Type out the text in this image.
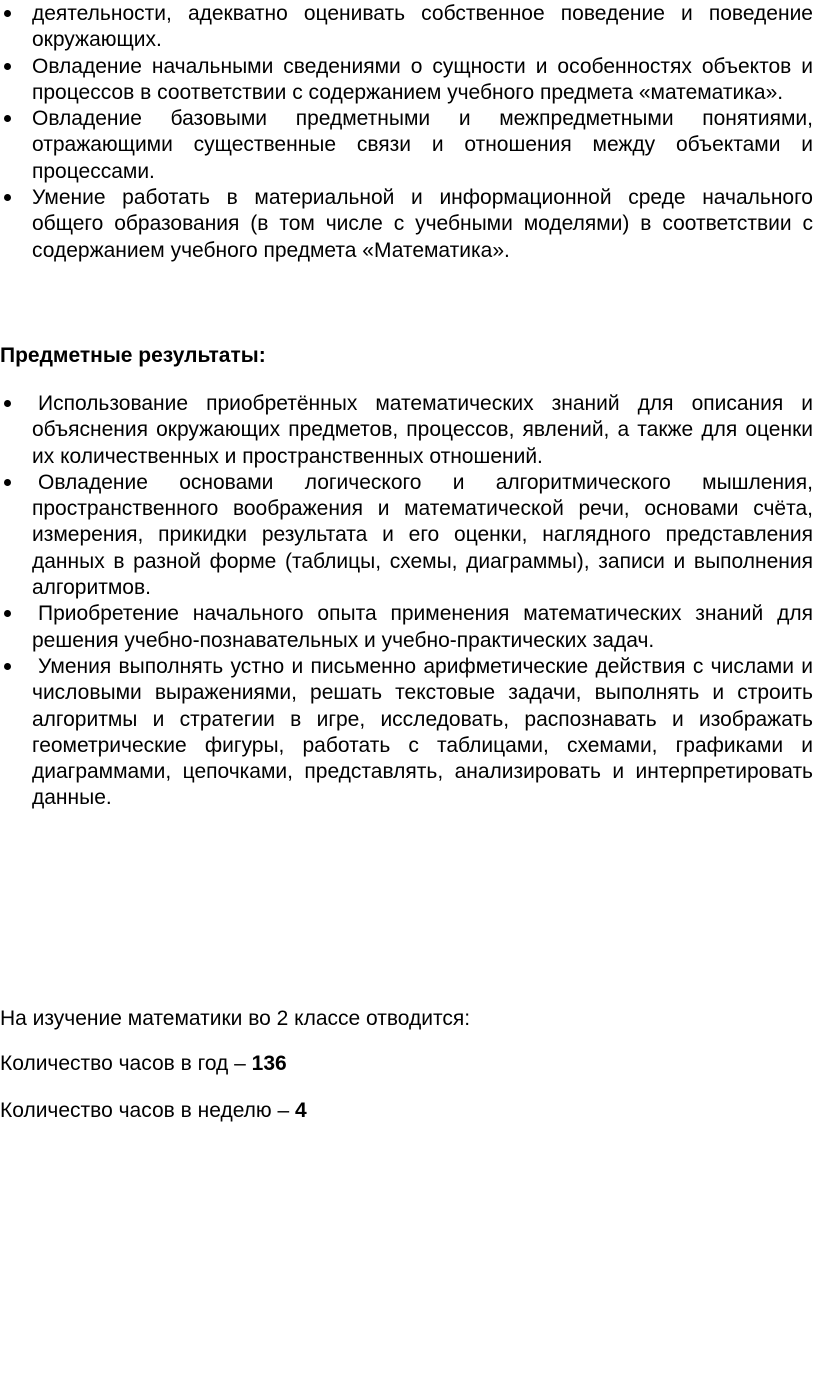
деятельности, адекватно оценивать собственное поведение и поведение окружающих.
Овладение начальными сведениями о сущности и особенностях объектов и процессов в соответствии с содержанием учебного предмета «математика».
Овладение базовыми предметными и межпредметными понятиями, отражающими существенные связи и отношения между объектами и процессами.
Умение работать в материальной и информационной среде начального общего образования (в том числе с учебными моделями) в соответствии с содержанием учебного предмета «Математика».
Предметные результаты:
Использование приобретённых математических знаний для описания и объяснения окружающих предметов, процессов, явлений, а также для оценки их количественных и пространственных отношений.
Овладение основами логического и алгоритмического мышления, пространственного воображения и математической речи, основами счёта, измерения, прикидки результата и его оценки, наглядного представления данных в разной форме (таблицы, схемы, диаграммы), записи и выполнения алгоритмов.
Приобретение начального опыта применения математических знаний для решения учебно-познавательных и учебно-практических задач.
Умения выполнять устно и письменно арифметические действия с числами и числовыми выражениями, решать текстовые задачи, выполнять и строить алгоритмы и стратегии в игре, исследовать, распознавать и изображать геометрические фигуры, работать с таблицами, схемами, графиками и диаграммами, цепочками, представлять, анализировать и интерпретировать данные.

На изучение математики во 2 классе отводится:

Количество часов в год – 136

Количество часов в неделю – 4
